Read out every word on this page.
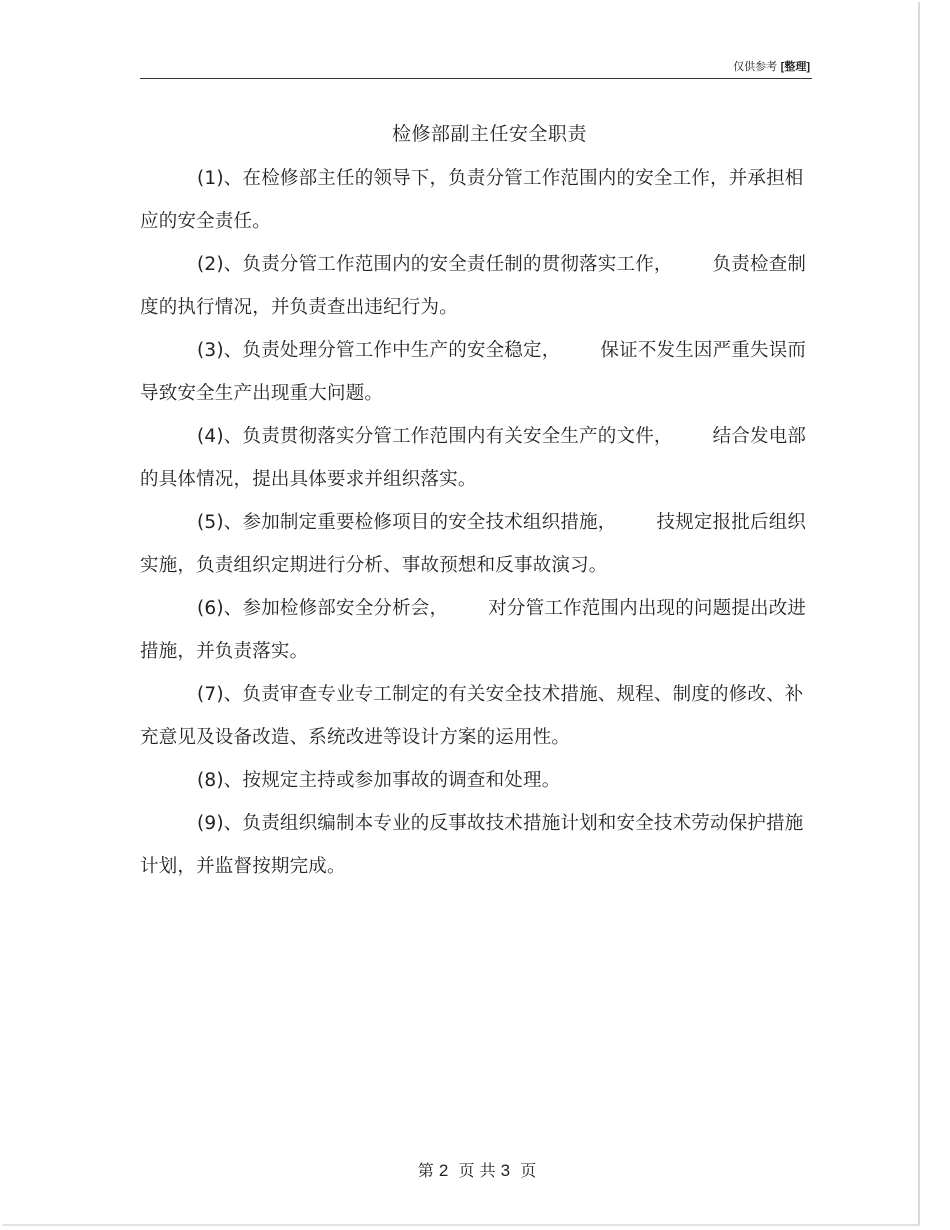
仅供参考 [整理]
检修部副主任安全职责

(1)、在检修部主任的领导下，负责分管工作范围内的安全工作，并承担相应的安全责任。

(2)、负责分管工作范围内的安全责任制的贯彻落实工作， 负责检查制度的执行情况，并负责查出违纪行为。

(3)、负责处理分管工作中生产的安全稳定， 保证不发生因严重失误而导致安全生产出现重大问题。

(4)、负责贯彻落实分管工作范围内有关安全生产的文件， 结合发电部的具体情况，提出具体要求并组织落实。

(5)、参加制定重要检修项目的安全技术组织措施， 技规定报批后组织实施，负责组织定期进行分析、事故预想和反事故演习。

(6)、参加检修部安全分析会， 对分管工作范围内出现的问题提出改进措施，并负责落实。

(7)、负责审查专业专工制定的有关安全技术措施、规程、制度的修改、补充意见及设备改造、系统改进等设计方案的运用性。

(8)、按规定主持或参加事故的调查和处理。

(9)、负责组织编制本专业的反事故技术措施计划和安全技术劳动保护措施计划，并监督按期完成。

第 2 页 共 3 页
